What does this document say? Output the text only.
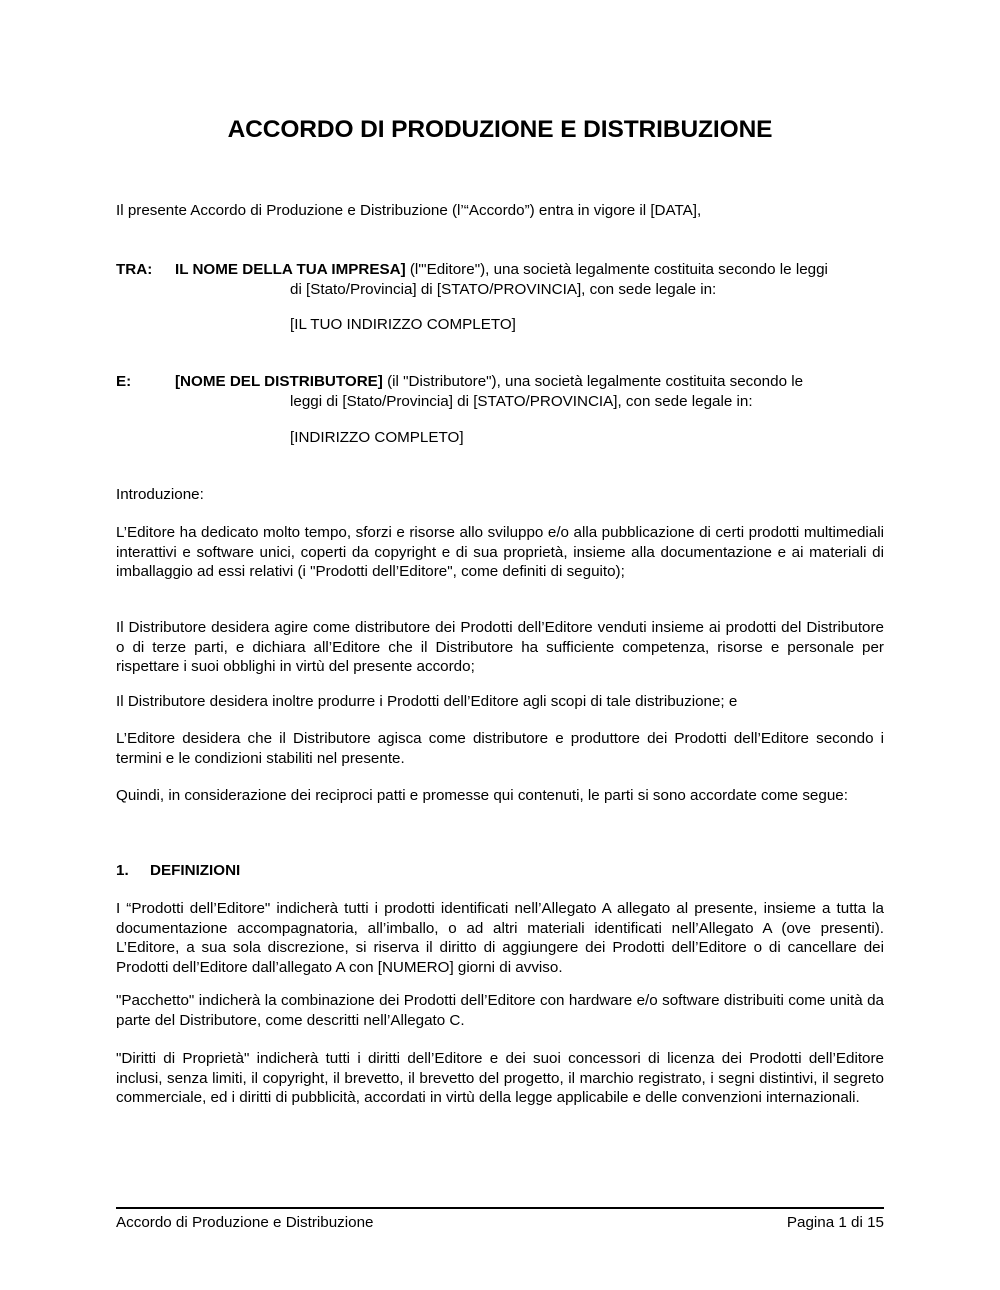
ACCORDO DI PRODUZIONE E DISTRIBUZIONE

Il presente Accordo di Produzione e Distribuzione (l’“Accordo”) entra in vigore il [DATA],

TRA: IL NOME DELLA TUA IMPRESA] (l'"Editore"), una società legalmente costituita secondo le leggi
di [Stato/Provincia] di [STATO/PROVINCIA], con sede legale in:
[IL TUO INDIRIZZO COMPLETO]
E:	[NOME DEL DISTRIBUTORE] (il "Distributore"), una società legalmente costituita secondo le
leggi di [Stato/Provincia] di [STATO/PROVINCIA], con sede legale in:
[INDIRIZZO COMPLETO]

Introduzione:

L’Editore ha dedicato molto tempo, sforzi e risorse allo sviluppo e/o alla pubblicazione di certi prodotti multimediali interattivi e software unici, coperti da copyright e di sua proprietà, insieme alla documentazione e ai materiali di imballaggio ad essi relativi (i "Prodotti dell’Editore", come definiti di seguito);

Il Distributore desidera agire come distributore dei Prodotti dell’Editore venduti insieme ai prodotti del Distributore o di terze parti, e dichiara all’Editore che il Distributore ha sufficiente competenza, risorse e personale per rispettare i suoi obblighi in virtù del presente accordo;

Il Distributore desidera inoltre produrre i Prodotti dell’Editore agli scopi di tale distribuzione; e

L’Editore desidera che il Distributore agisca come distributore e produttore dei Prodotti dell’Editore secondo i termini e le condizioni stabiliti nel presente.

Quindi, in considerazione dei reciproci patti e promesse qui contenuti, le parti si sono accordate come segue:

1. DEFINIZIONI

I “Prodotti dell’Editore" indicherà tutti i prodotti identificati nell’Allegato A allegato al presente, insieme a tutta la documentazione accompagnatoria, all’imballo, o ad altri materiali identificati nell’Allegato A (ove presenti). L’Editore, a sua sola discrezione, si riserva il diritto di aggiungere dei Prodotti dell’Editore o di cancellare dei Prodotti dell’Editore dall’allegato A con [NUMERO] giorni di avviso.

"Pacchetto" indicherà la combinazione dei Prodotti dell’Editore con hardware e/o software distribuiti come unità da parte del Distributore, come descritti nell’Allegato C.

"Diritti di Proprietà" indicherà tutti i diritti dell’Editore e dei suoi concessori di licenza dei Prodotti dell’Editore inclusi, senza limiti, il copyright, il brevetto, il brevetto del progetto, il marchio registrato, i segni distintivi, il segreto commerciale, ed i diritti di pubblicità, accordati in virtù della legge applicabile e delle convenzioni internazionali.

Accordo di Produzione e Distribuzione	Pagina 1 di 15
